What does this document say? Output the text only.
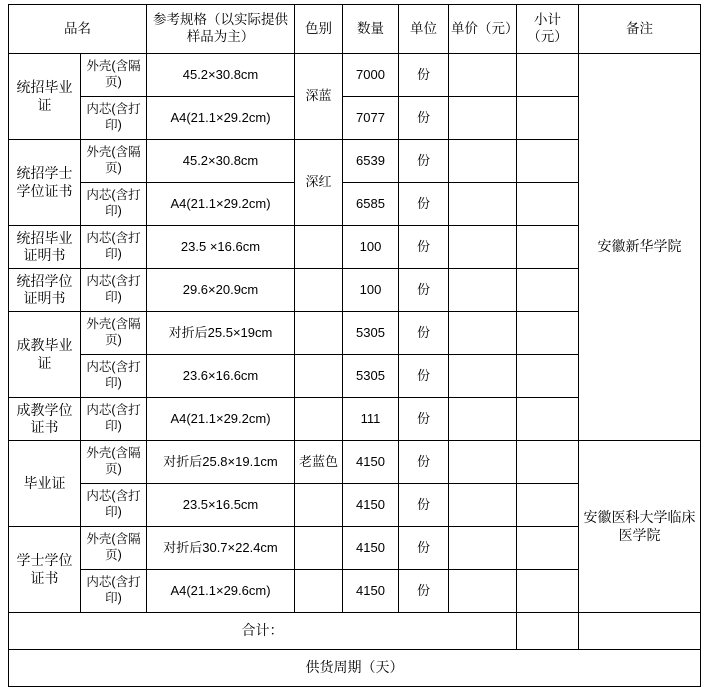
品名		参考规格（以实际提供样品为主）	色别	数量	单位	单价（元）	小计（元）	备注
统招毕业证	外壳(含隔页)	45.2×30.8cm	深蓝	7000	份			安徽新华学院
	内芯(含打印)	A4(21.1×29.2cm)		7077	份			
统招学士学位证书	外壳(含隔页)	45.2×30.8cm	深红	6539	份			
	内芯(含打印)	A4(21.1×29.2cm)		6585	份			
统招毕业证明书	内芯(含打印)	23.5 ×16.6cm		100	份			
统招学位证明书	内芯(含打印)	29.6×20.9cm		100	份			
成教毕业证	外壳(含隔页)	对折后25.5×19cm		5305	份			
	内芯(含打印)	23.6×16.6cm		5305	份			
成教学位证书	内芯(含打印)	A4(21.1×29.2cm)		111	份			
毕业证	外壳(含隔页)	对折后25.8×19.1cm	老蓝色	4150	份			安徽医科大学临床医学院
	内芯(含打印)	23.5×16.5cm		4150	份			
学士学位证书	外壳(含隔页)	对折后30.7×22.4cm		4150	份			
	内芯(含打印)	A4(21.1×29.6cm)		4150	份			
合计：								
供货周期（天）								
